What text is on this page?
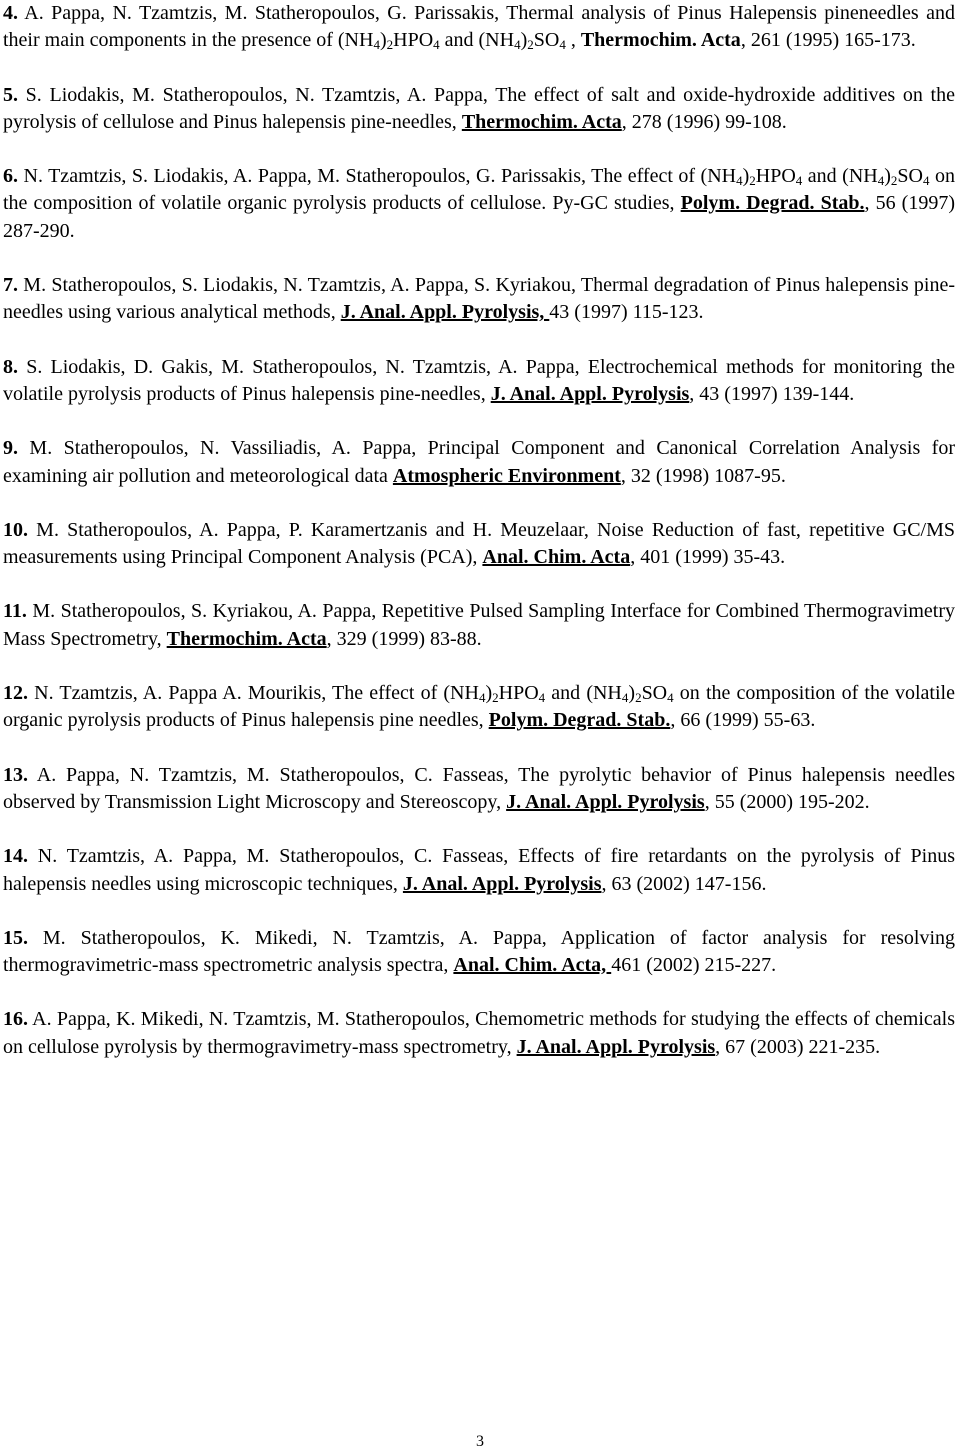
4. A. Pappa, N. Tzamtzis, M. Statheropoulos, G. Parissakis, Thermal analysis of Pinus Halepensis pineneedles and their main components in the presence of $(NH_4)_2HPO_4$ and $(NH_4)_2SO_4$ , Thermochim. Acta, 261 (1995) 165-173.

5. S. Liodakis, M. Statheropoulos, N. Tzamtzis, A. Pappa, The effect of salt and oxide-hydroxide additives on the pyrolysis of cellulose and Pinus halepensis pine-needles, Thermochim. Acta, 278 (1996) 99-108.

6. N. Tzamtzis, S. Liodakis, A. Pappa, M. Statheropoulos, G. Parissakis, The effect of $(NH_4)_2HPO_4$ and $(NH_4)_2SO_4$ on the composition of volatile organic pyrolysis products of cellulose. Py-GC studies, Polym. Degrad. Stab., 56 (1997) 287-290.

7. M. Statheropoulos, S. Liodakis, N. Tzamtzis, A. Pappa, S. Kyriakou, Thermal degradation of Pinus halepensis pine-needles using various analytical methods, J. Anal. Appl. Pyrolysis, 43 (1997) 115-123.

8. S. Liodakis, D. Gakis, M. Statheropoulos, N. Tzamtzis, A. Pappa, Electrochemical methods for monitoring the volatile pyrolysis products of Pinus halepensis pine-needles, J. Anal. Appl. Pyrolysis, 43 (1997) 139-144.

9. M. Statheropoulos, N. Vassiliadis, A. Pappa, Principal Component and Canonical Correlation Analysis for examining air pollution and meteorological data Atmospheric Environment, 32 (1998) 1087-95.

10. M. Statheropoulos, A. Pappa, P. Karamertzanis and H. Meuzelaar, Noise Reduction of fast, repetitive GC/MS measurements using Principal Component Analysis (PCA), Anal. Chim. Acta, 401 (1999) 35-43.

11. M. Statheropoulos, S. Kyriakou, A. Pappa, Repetitive Pulsed Sampling Interface for Combined Thermogravimetry Mass Spectrometry, Thermochim. Acta, 329 (1999) 83-88.

12. N. Tzamtzis, A. Pappa A. Mourikis, The effect of $(NH_4)_2HPO_4$ and $(NH_4)_2SO_4$ on the composition of the volatile organic pyrolysis products of Pinus halepensis pine needles, Polym. Degrad. Stab., 66 (1999) 55-63.

13. A. Pappa, N. Tzamtzis, M. Statheropoulos, C. Fasseas, The pyrolytic behavior of Pinus halepensis needles observed by Transmission Light Microscopy and Stereoscopy, J. Anal. Appl. Pyrolysis, 55 (2000) 195-202.

14. N. Tzamtzis, A. Pappa, M. Statheropoulos, C. Fasseas, Effects of fire retardants on the pyrolysis of Pinus halepensis needles using microscopic techniques, J. Anal. Appl. Pyrolysis, 63 (2002) 147-156.

15. M. Statheropoulos, K. Mikedi, N. Tzamtzis, A. Pappa, Application of factor analysis for resolving thermogravimetric-mass spectrometric analysis spectra, Anal. Chim. Acta, 461 (2002) 215-227.

16. A. Pappa, K. Mikedi, N. Tzamtzis, M. Statheropoulos, Chemometric methods for studying the effects of chemicals on cellulose pyrolysis by thermogravimetry-mass spectrometry, J. Anal. Appl. Pyrolysis, 67 (2003) 221-235.

3
